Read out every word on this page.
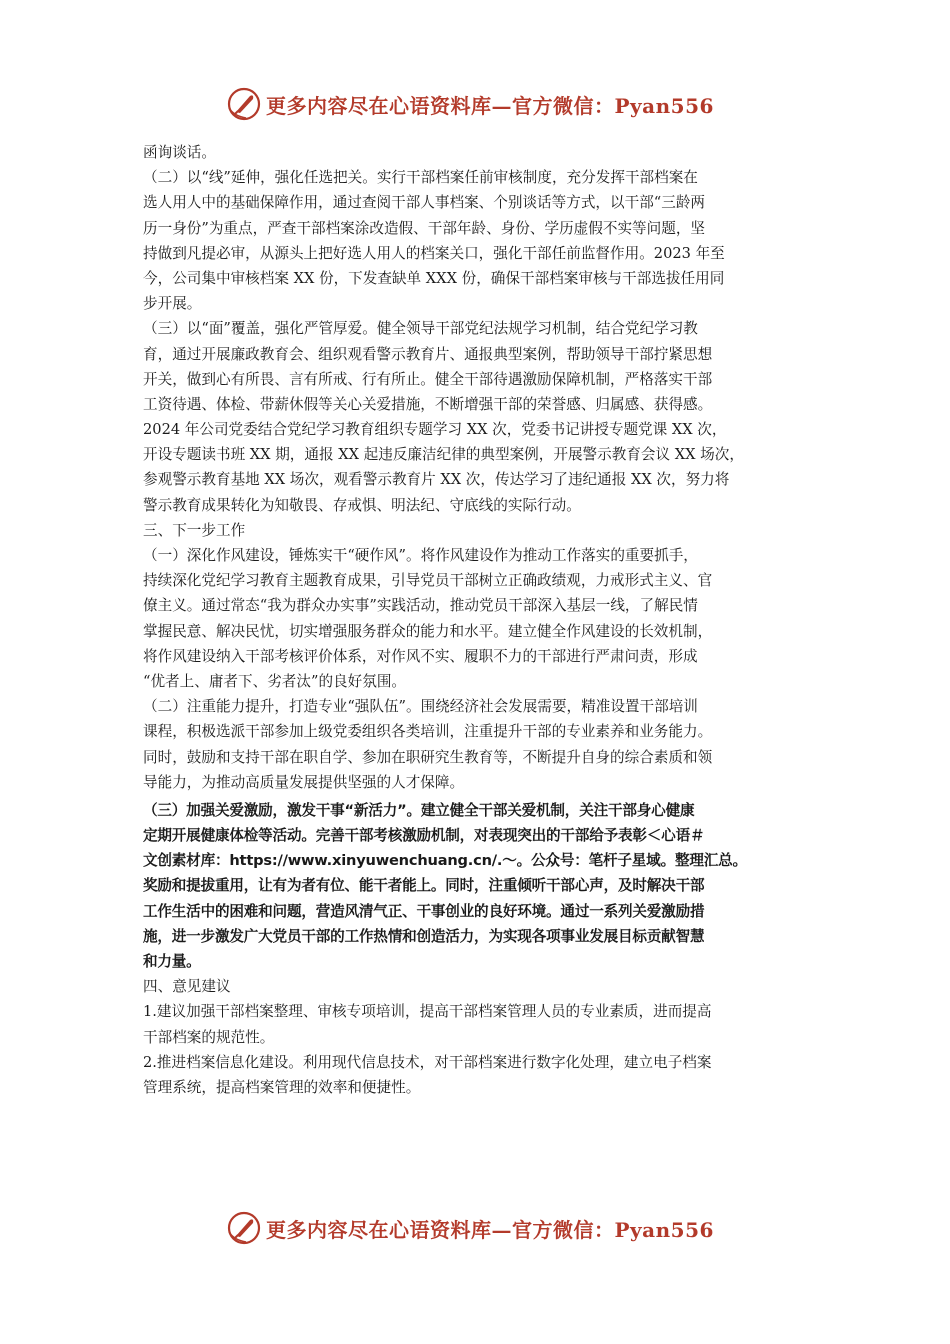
更多内容尽在心语资料库—官方微信：Pyan556
函询谈话。
（二）以“线”延伸，强化任选把关。实行干部档案任前审核制度，充分发挥干部档案在
选人用人中的基础保障作用，通过查阅干部人事档案、个别谈话等方式，以干部“三龄两
历一身份”为重点，严查干部档案涂改造假、干部年龄、身份、学历虚假不实等问题，坚
持做到凡提必审，从源头上把好选人用人的档案关口，强化干部任前监督作用。2023 年至
今，公司集中审核档案 XX 份，下发查缺单 XXX 份，确保干部档案审核与干部选拔任用同
步开展。
（三）以“面”覆盖，强化严管厚爱。健全领导干部党纪法规学习机制，结合党纪学习教
育，通过开展廉政教育会、组织观看警示教育片、通报典型案例，帮助领导干部拧紧思想
开关，做到心有所畏、言有所戒、行有所止。健全干部待遇激励保障机制，严格落实干部
工资待遇、体检、带薪休假等关心关爱措施，不断增强干部的荣誉感、归属感、获得感。
2024 年公司党委结合党纪学习教育组织专题学习 XX 次，党委书记讲授专题党课 XX 次，
开设专题读书班 XX 期，通报 XX 起违反廉洁纪律的典型案例，开展警示教育会议 XX 场次，
参观警示教育基地 XX 场次，观看警示教育片 XX 次，传达学习了违纪通报 XX 次，努力将
警示教育成果转化为知敬畏、存戒惧、明法纪、守底线的实际行动。
三、下一步工作
（一）深化作风建设，锤炼实干“硬作风”。将作风建设作为推动工作落实的重要抓手，
持续深化党纪学习教育主题教育成果，引导党员干部树立正确政绩观，力戒形式主义、官
僚主义。通过常态“我为群众办实事”实践活动，推动党员干部深入基层一线，了解民情
掌握民意、解决民忧，切实增强服务群众的能力和水平。建立健全作风建设的长效机制，
将作风建设纳入干部考核评价体系，对作风不实、履职不力的干部进行严肃问责，形成
“优者上、庸者下、劣者汰”的良好氛围。
（二）注重能力提升，打造专业“强队伍”。围绕经济社会发展需要，精准设置干部培训
课程，积极选派干部参加上级党委组织各类培训，注重提升干部的专业素养和业务能力。
同时，鼓励和支持干部在职自学、参加在职研究生教育等，不断提升自身的综合素质和领
导能力，为推动高质量发展提供坚强的人才保障。
（三）加强关爱激励，激发干事“新活力”。建立健全干部关爱机制，关注干部身心健康
定期开展健康体检等活动。完善干部考核激励机制，对表现突出的干部给予表彰＜心语＃
文创素材库：https://www.xinyuwenchuang.cn/.～。公众号：笔杆子星域。整理汇总。
奖励和提拔重用，让有为者有位、能干者能上。同时，注重倾听干部心声，及时解决干部
工作生活中的困难和问题，营造风清气正、干事创业的良好环境。通过一系列关爱激励措
施，进一步激发广大党员干部的工作热情和创造活力，为实现各项事业发展目标贡献智慧
和力量。
四、意见建议
1.建议加强干部档案整理、审核专项培训，提高干部档案管理人员的专业素质，进而提高
干部档案的规范性。
2.推进档案信息化建设。利用现代信息技术，对干部档案进行数字化处理，建立电子档案
管理系统，提高档案管理的效率和便捷性。
更多内容尽在心语资料库—官方微信：Pyan556
